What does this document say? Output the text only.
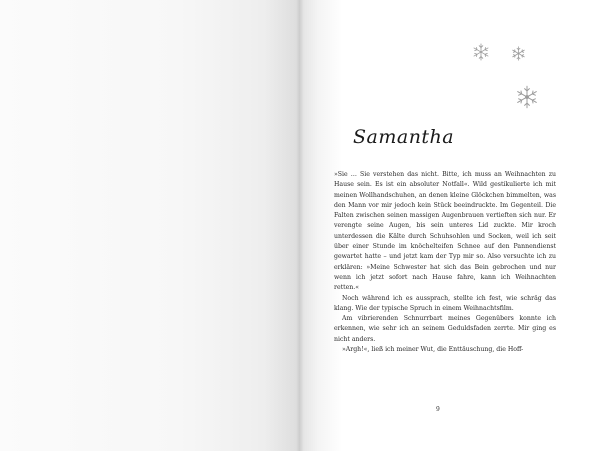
Samantha

»Sie … Sie verstehen das nicht. Bitte, ich muss an Weihnachten zu Hause sein. Es ist ein absoluter Notfall«. Wild gestikulierte ich mit meinen Wollhandschuhen, an denen kleine Glöckchen bimmelten, was den Mann vor mir jedoch kein Stück beeindruckte. Im Gegenteil. Die Falten zwischen seinen massigen Augenbrauen vertieften sich nur. Er verengte seine Augen, bis sein unteres Lid zuckte. Mir kroch unterdessen die Kälte durch Schuhsohlen und Socken, weil ich seit über einer Stunde im knöchelteifen Schnee auf den Pannendienst gewartet hatte – und jetzt kam der Typ mir so. Also versuchte ich zu erklären: »Meine Schwester hat sich das Bein gebrochen und nur wenn ich jetzt sofort nach Hause fahre, kann ich Weihnachten retten.«

Noch während ich es aussprach, stellte ich fest, wie schräg das klang. Wie der typische Spruch in einem Weihnachtsfilm.

Am vibrierenden Schnurrbart meines Gegenübers konnte ich erkennen, wie sehr ich an seinem Geduldsfaden zerrte. Mir ging es nicht anders.

»Argh!«, ließ ich meiner Wut, die Enttäuschung, die Hoff-

9
